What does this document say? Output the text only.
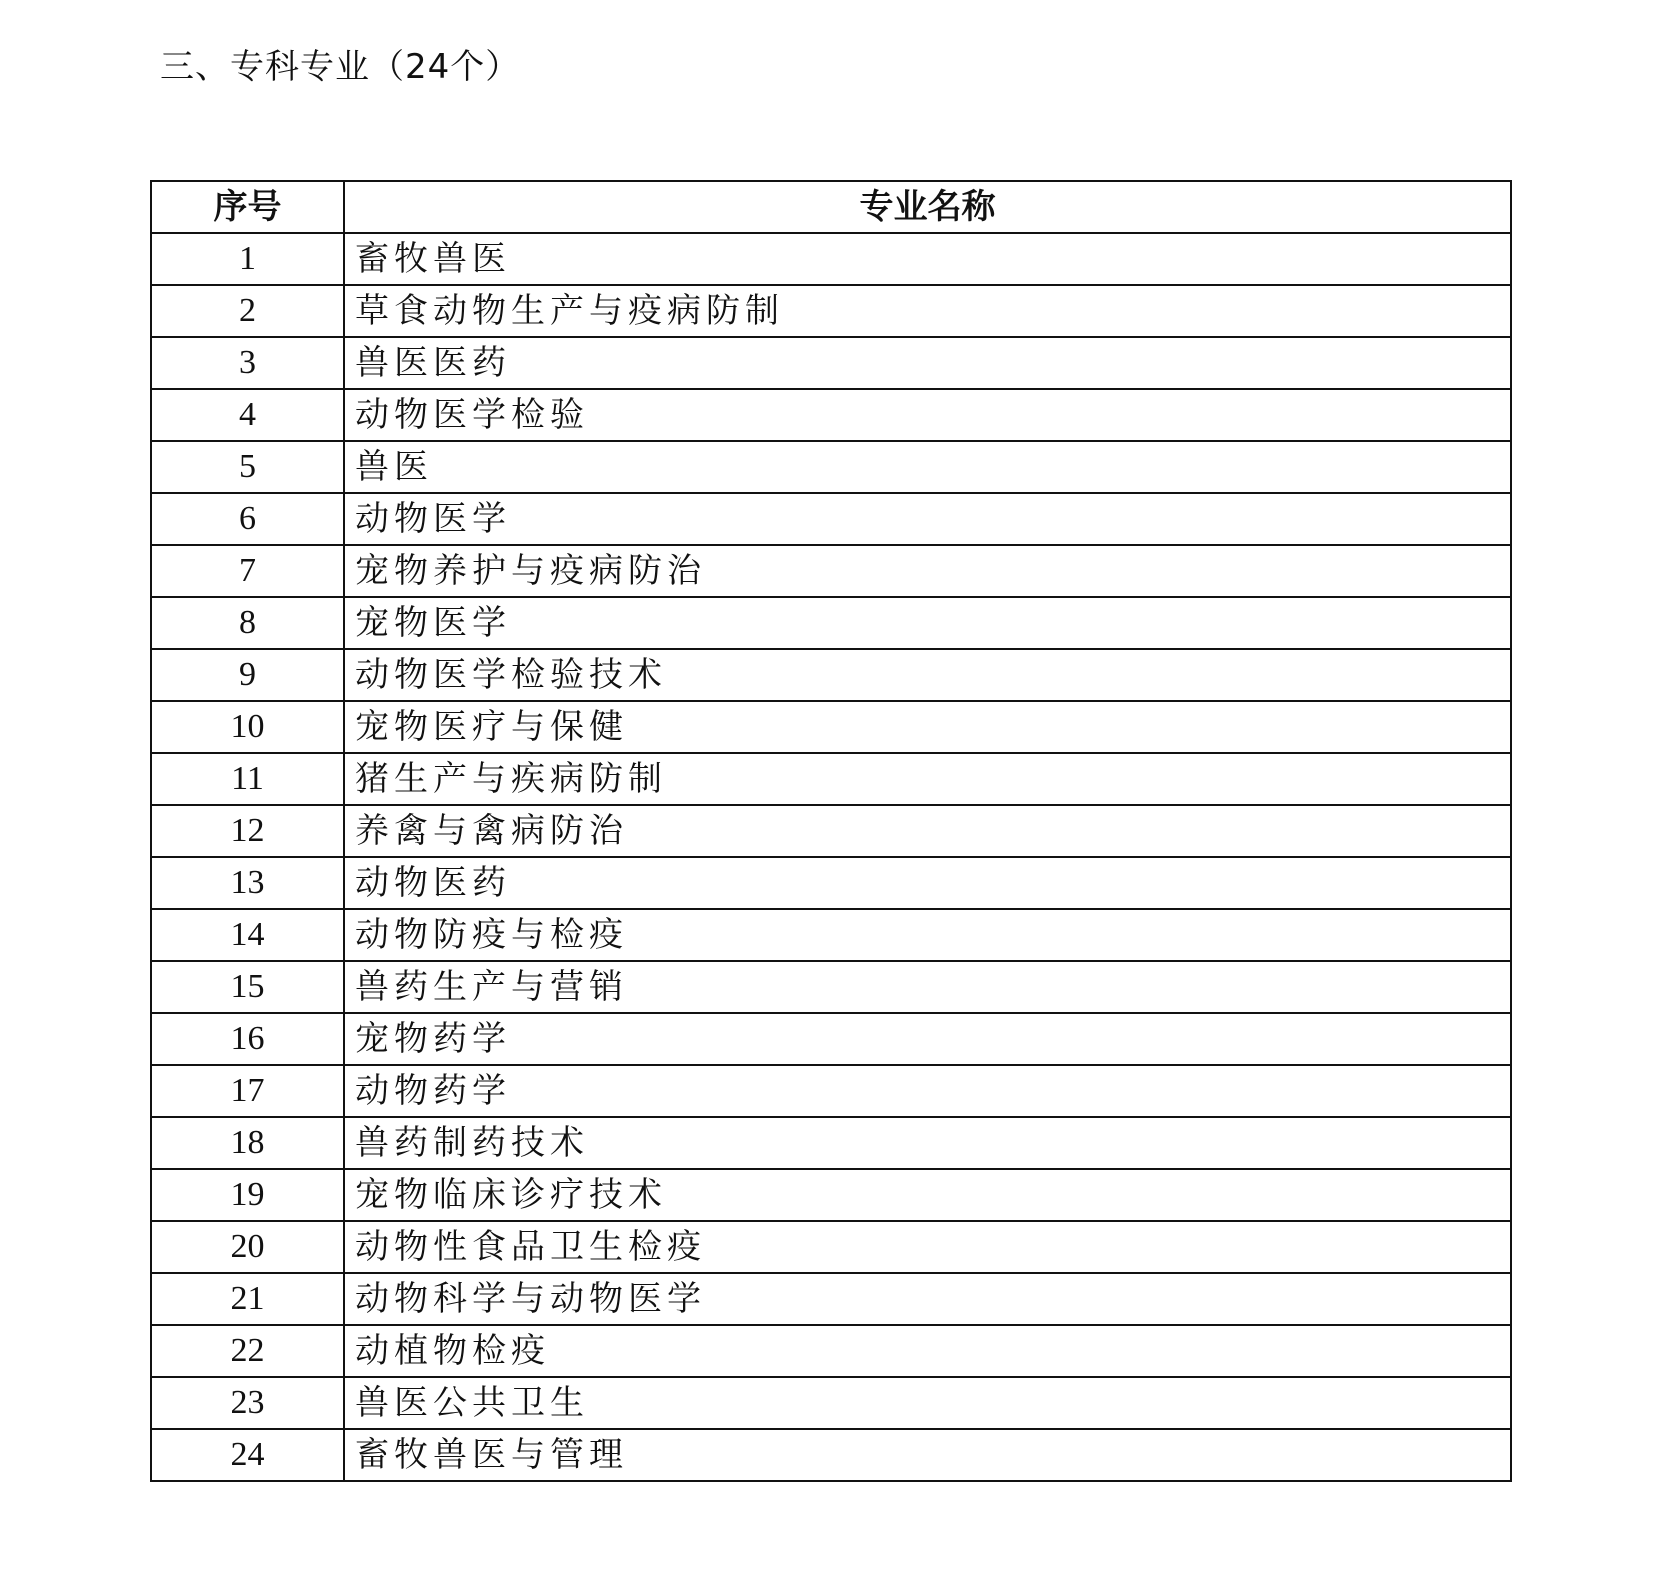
三、专科专业（24个）
序号	专业名称
1	畜牧兽医
2	草食动物生产与疫病防制
3	兽医医药
4	动物医学检验
5	兽医
6	动物医学
7	宠物养护与疫病防治
8	宠物医学
9	动物医学检验技术
10	宠物医疗与保健
11	猪生产与疾病防制
12	养禽与禽病防治
13	动物医药
14	动物防疫与检疫
15	兽药生产与营销
16	宠物药学
17	动物药学
18	兽药制药技术
19	宠物临床诊疗技术
20	动物性食品卫生检疫
21	动物科学与动物医学
22	动植物检疫
23	兽医公共卫生
24	畜牧兽医与管理
